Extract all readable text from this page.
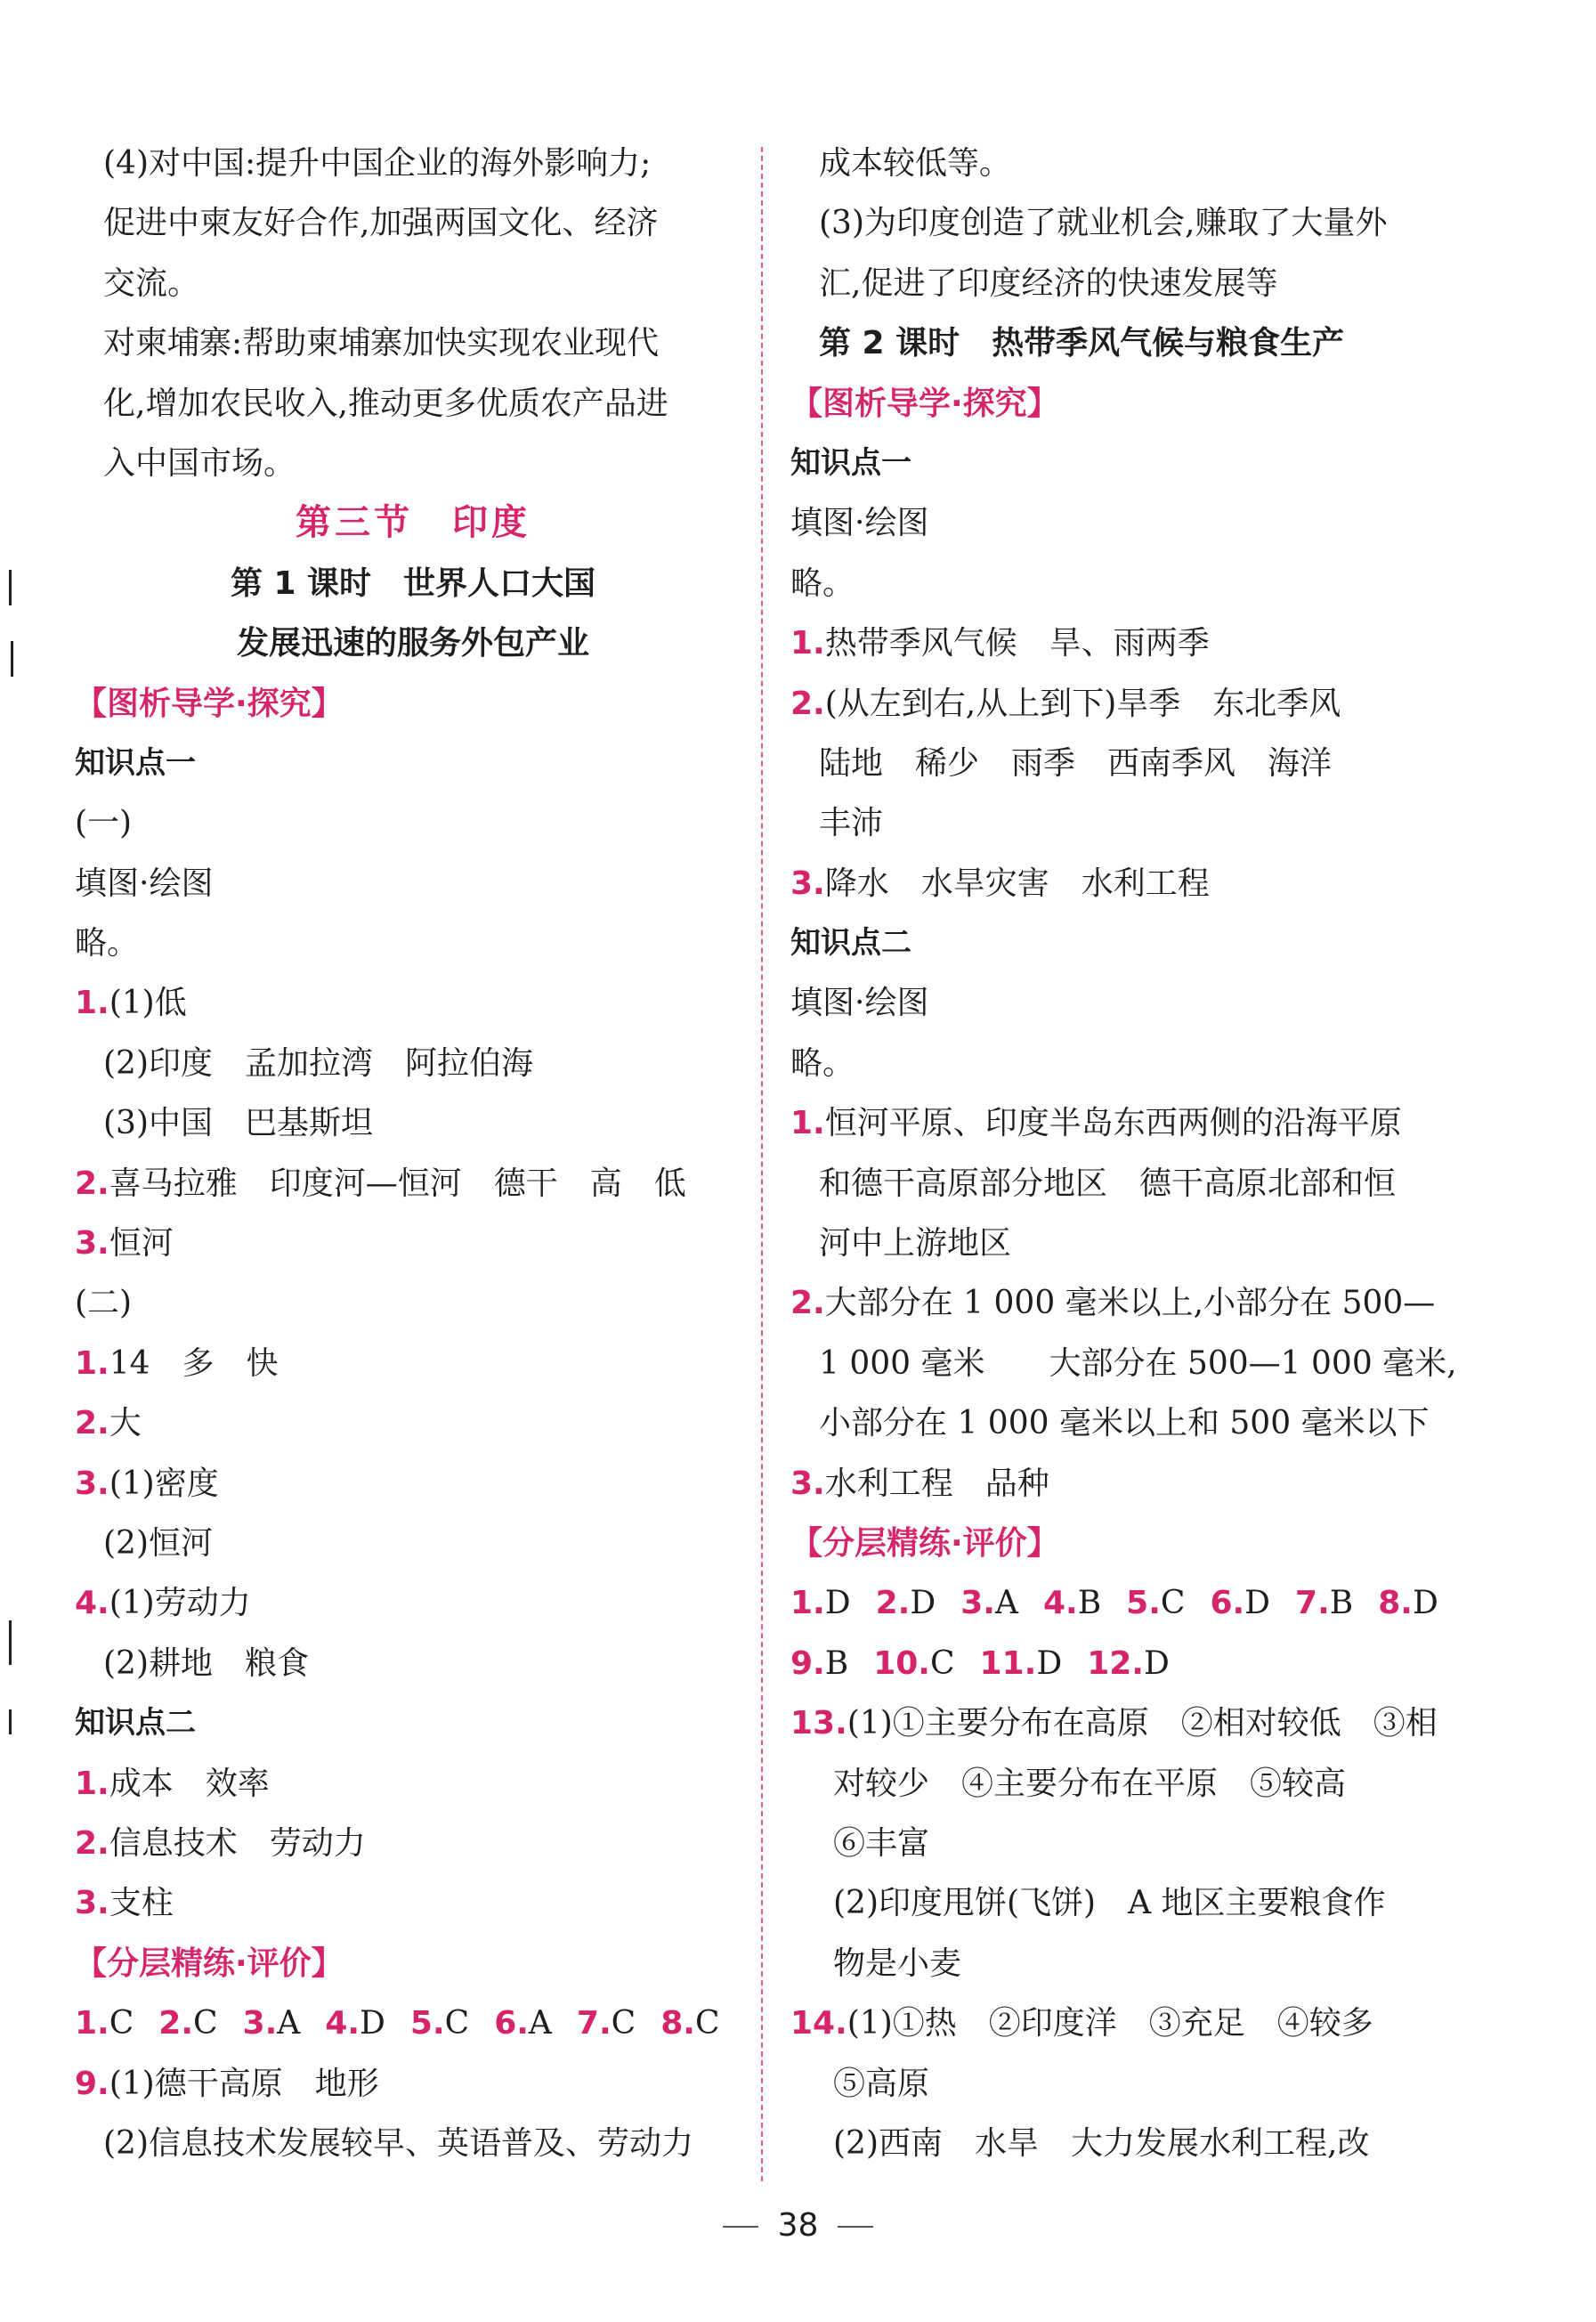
(4)对中国:提升中国企业的海外影响力;
促进中柬友好合作,加强两国文化、经济
交流。
对柬埔寨:帮助柬埔寨加快实现农业现代
化,增加农民收入,推动更多优质农产品进
入中国市场。
第三节　印度
第 1 课时　世界人口大国
发展迅速的服务外包产业
【图析导学·探究】
知识点一
(一)
填图·绘图
略。
1.(1)低
(2)印度　孟加拉湾　阿拉伯海
(3)中国　巴基斯坦
2.喜马拉雅　印度河—恒河　德干　高　低
3.恒河
(二)
1.14　多　快
2.大
3.(1)密度
(2)恒河
4.(1)劳动力
(2)耕地　粮食
知识点二
1.成本　效率
2.信息技术　劳动力
3.支柱
【分层精练·评价】
1.C 2.C 3.A 4.D 5.C 6.A 7.C 8.C
9.(1)德干高原　地形
(2)信息技术发展较早、英语普及、劳动力
成本较低等。
(3)为印度创造了就业机会,赚取了大量外
汇,促进了印度经济的快速发展等
第 2 课时　热带季风气候与粮食生产
【图析导学·探究】
知识点一
填图·绘图
略。
1.热带季风气候　旱、雨两季
2.(从左到右,从上到下)旱季　东北季风
陆地　稀少　雨季　西南季风　海洋
丰沛
3.降水　水旱灾害　水利工程
知识点二
填图·绘图
略。
1.恒河平原、印度半岛东西两侧的沿海平原
和德干高原部分地区　德干高原北部和恒
河中上游地区
2.大部分在 1 000 毫米以上,小部分在 500—
1 000 毫米　　大部分在 500—1 000 毫米,
小部分在 1 000 毫米以上和 500 毫米以下
3.水利工程　品种
【分层精练·评价】
1.D 2.D 3.A 4.B 5.C 6.D 7.B 8.D
9.B 10.C 11.D 12.D
13.(1)①主要分布在高原　②相对较低　③相
对较少　④主要分布在平原　⑤较高
⑥丰富
(2)印度甩饼(飞饼)　A 地区主要粮食作
物是小麦
14.(1)①热　②印度洋　③充足　④较多
⑤高原
(2)西南　水旱　大力发展水利工程,改
38
